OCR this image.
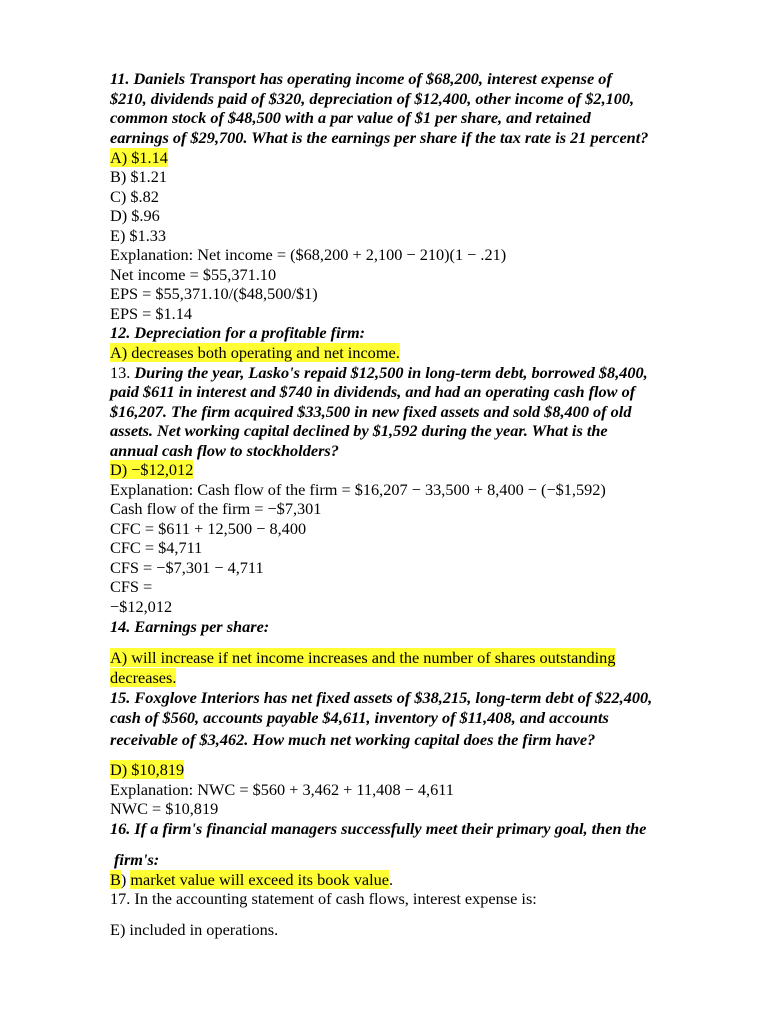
11. Daniels Transport has operating income of $68,200, interest expense of

$210, dividends paid of $320, depreciation of $12,400, other income of $2,100,

common stock of $48,500 with a par value of $1 per share, and retained

earnings of $29,700. What is the earnings per share if the tax rate is 21 percent?

A) $1.14

B) $1.21

C) $.82

D) $.96

E) $1.33

Explanation: Net income = ($68,200 + 2,100 − 210)(1 − .21)

Net income = $55,371.10

EPS = $55,371.10/($48,500/$1)

EPS = $1.14

12. Depreciation for a profitable firm:

A) decreases both operating and net income.

13. During the year, Lasko's repaid $12,500 in long-term debt, borrowed $8,400,

paid $611 in interest and $740 in dividends, and had an operating cash flow of

$16,207. The firm acquired $33,500 in new fixed assets and sold $8,400 of old

assets. Net working capital declined by $1,592 during the year. What is the

annual cash flow to stockholders?

D) −$12,012

Explanation: Cash flow of the firm = $16,207 − 33,500 + 8,400 − (−$1,592)

Cash flow of the firm = −$7,301

CFC = $611 + 12,500 − 8,400

CFC = $4,711

CFS = −$7,301 − 4,711

CFS =

−$12,012

14. Earnings per share:

A) will increase if net income increases and the number of shares outstanding

decreases.

15. Foxglove Interiors has net fixed assets of $38,215, long-term debt of $22,400,

cash of $560, accounts payable $4,611, inventory of $11,408, and accounts

receivable of $3,462. How much net working capital does the firm have?

D) $10,819

Explanation: NWC = $560 + 3,462 + 11,408 − 4,611

NWC = $10,819

16. If a firm's financial managers successfully meet their primary goal, then the

firm's:

B) market value will exceed its book value.

17. In the accounting statement of cash flows, interest expense is:

E) included in operations.
